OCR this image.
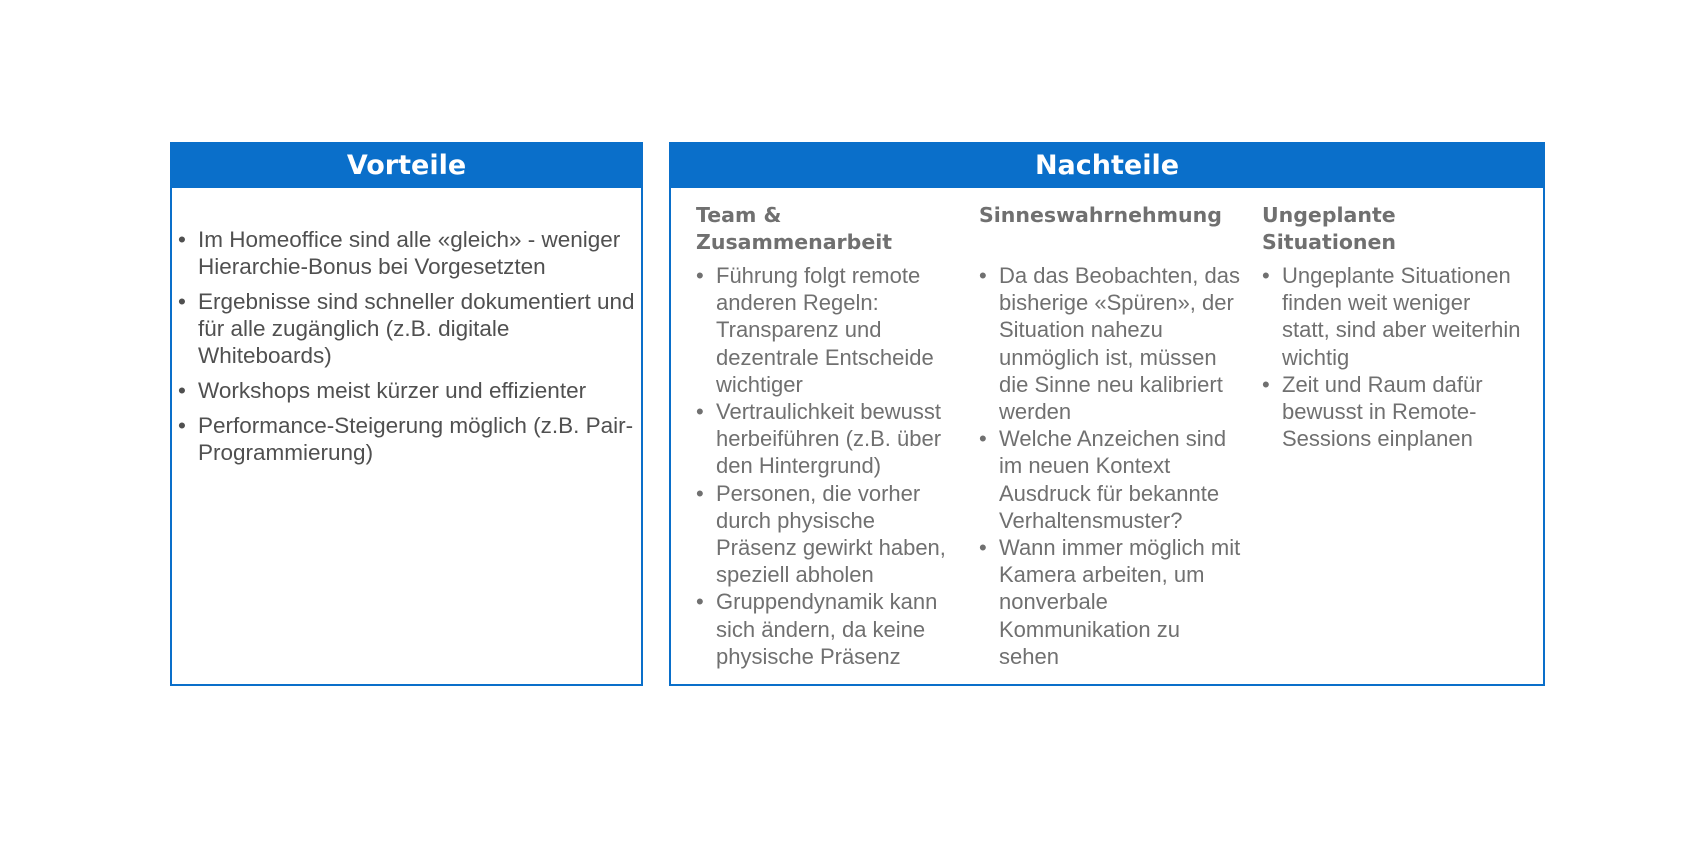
Vorteile
• Im Homeoffice sind alle «gleich» - weniger Hierarchie-Bonus bei Vorgesetzten
• Ergebnisse sind schneller dokumentiert und für alle zugänglich (z.B. digitale Whiteboards)
• Workshops meist kürzer und effizienter
• Performance-Steigerung möglich (z.B. Pair-Programmierung)
Nachteile
Team & Zusammenarbeit
• Führung folgt remote anderen Regeln: Transparenz und dezentrale Entscheide wichtiger
• Vertraulichkeit bewusst herbeiführen (z.B. über den Hintergrund)
• Personen, die vorher durch physische Präsenz gewirkt haben, speziell abholen
• Gruppendynamik kann sich ändern, da keine physische Präsenz
Sinneswahrnehmung
• Da das Beobachten, das bisherige «Spüren», der Situation nahezu unmöglich ist, müssen die Sinne neu kalibriert werden
• Welche Anzeichen sind im neuen Kontext Ausdruck für bekannte Verhaltensmuster?
• Wann immer möglich mit Kamera arbeiten, um nonverbale Kommunikation zu sehen
Ungeplante Situationen
• Ungeplante Situationen finden weit weniger statt, sind aber weiterhin wichtig
• Zeit und Raum dafür bewusst in Remote-Sessions einplanen
